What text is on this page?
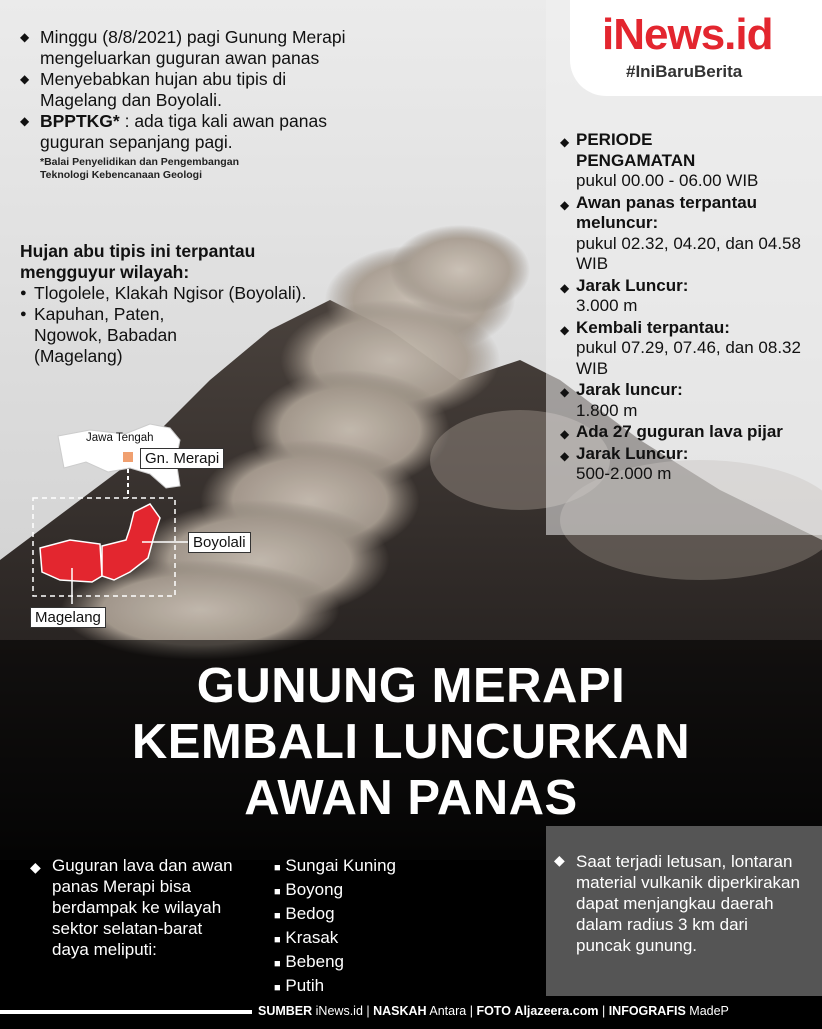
iNews.id
#IniBaruBerita
◆ Minggu (8/8/2021) pagi Gunung Merapi mengeluarkan guguran awan panas
◆ Menyebabkan hujan abu tipis di Magelang dan Boyolali.
◆ BPPTKG* : ada tiga kali awan panas guguran sepanjang pagi.
*Balai Penyelidikan dan Pengembangan
Teknologi Kebencanaan Geologi
Hujan abu tipis ini terpantau
mengguyur wilayah:
● Tlogolele, Klakah Ngisor (Boyolali).
● Kapuhan, Paten, Ngowok, Babadan (Magelang)
Jawa Tengah
Gn. Merapi
Boyolali
Magelang
◆ PERIODE PENGAMATAN
pukul 00.00 - 06.00 WIB
◆ Awan panas terpantau meluncur:
pukul 02.32, 04.20, dan 04.58 WIB
◆ Jarak Luncur:
3.000 m
◆ Kembali terpantau:
pukul 07.29, 07.46, dan 08.32 WIB
◆ Jarak luncur:
1.800 m
◆ Ada 27 guguran lava pijar
◆ Jarak Luncur:
500-2.000 m
GUNUNG MERAPI
KEMBALI LUNCURKAN
AWAN PANAS
◆ Guguran lava dan awan panas Merapi bisa berdampak ke wilayah sektor selatan-barat daya meliputi:
■ Sungai Kuning
■ Boyong
■ Bedog
■ Krasak
■ Bebeng
■ Putih
◆ Saat terjadi letusan, lontaran material vulkanik diperkirakan dapat menjangkau daerah dalam radius 3 km dari puncak gunung.
SUMBER iNews.id | NASKAH Antara | FOTO Aljazeera.com | INFOGRAFIS MadeP
